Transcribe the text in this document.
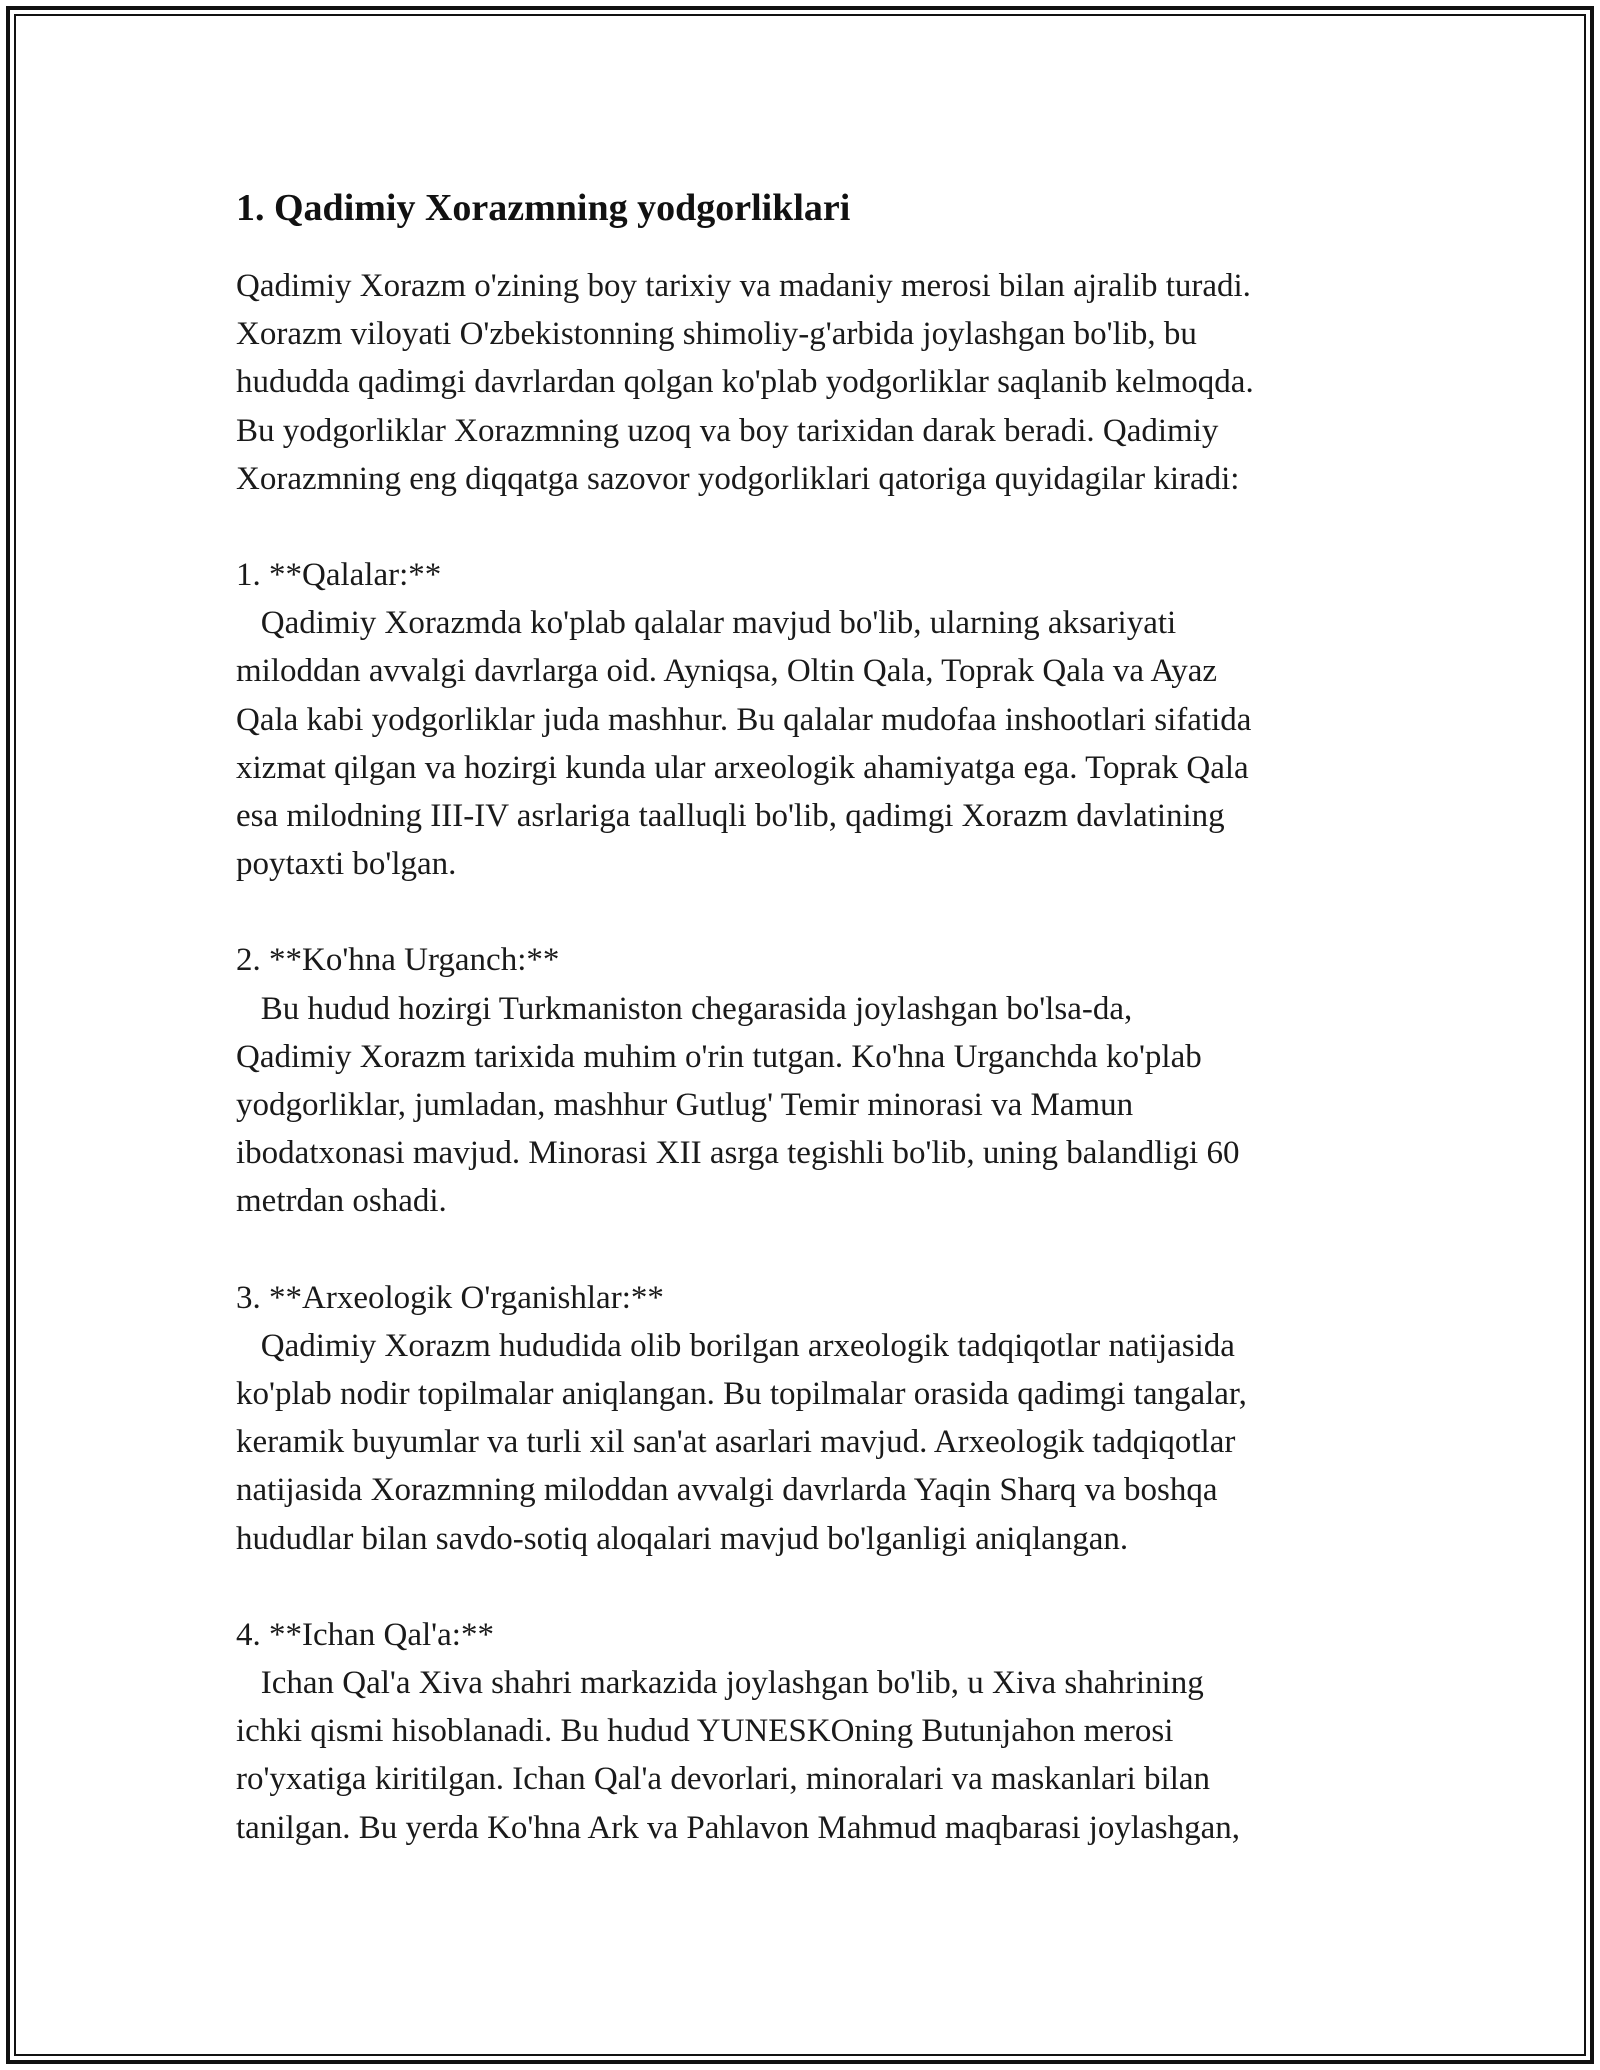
1. Qadimiy Xorazmning yodgorliklari

Qadimiy Xorazm o'zining boy tarixiy va madaniy merosi bilan ajralib turadi.
Xorazm viloyati O'zbekistonning shimoliy-g'arbida joylashgan bo'lib, bu
hududda qadimgi davrlardan qolgan ko'plab yodgorliklar saqlanib kelmoqda.
Bu yodgorliklar Xorazmning uzoq va boy tarixidan darak beradi. Qadimiy
Xorazmning eng diqqatga sazovor yodgorliklari qatoriga quyidagilar kiradi:

1. **Qalalar:**

Qadimiy Xorazmda ko'plab qalalar mavjud bo'lib, ularning aksariyati
miloddan avvalgi davrlarga oid. Ayniqsa, Oltin Qala, Toprak Qala va Ayaz
Qala kabi yodgorliklar juda mashhur. Bu qalalar mudofaa inshootlari sifatida
xizmat qilgan va hozirgi kunda ular arxeologik ahamiyatga ega. Toprak Qala
esa milodning III-IV asrlariga taalluqli bo'lib, qadimgi Xorazm davlatining
poytaxti bo'lgan.

2. **Ko'hna Urganch:**

Bu hudud hozirgi Turkmaniston chegarasida joylashgan bo'lsa-da,
Qadimiy Xorazm tarixida muhim o'rin tutgan. Ko'hna Urganchda ko'plab
yodgorliklar, jumladan, mashhur Gutlug' Temir minorasi va Mamun
ibodatxonasi mavjud. Minorasi XII asrga tegishli bo'lib, uning balandligi 60
metrdan oshadi.

3. **Arxeologik O'rganishlar:**

Qadimiy Xorazm hududida olib borilgan arxeologik tadqiqotlar natijasida
ko'plab nodir topilmalar aniqlangan. Bu topilmalar orasida qadimgi tangalar,
keramik buyumlar va turli xil san'at asarlari mavjud. Arxeologik tadqiqotlar
natijasida Xorazmning miloddan avvalgi davrlarda Yaqin Sharq va boshqa
hududlar bilan savdo-sotiq aloqalari mavjud bo'lganligi aniqlangan.

4. **Ichan Qal'a:**

Ichan Qal'a Xiva shahri markazida joylashgan bo'lib, u Xiva shahrining
ichki qismi hisoblanadi. Bu hudud YUNESKOning Butunjahon merosi
ro'yxatiga kiritilgan. Ichan Qal'a devorlari, minoralari va maskanlari bilan
tanilgan. Bu yerda Ko'hna Ark va Pahlavon Mahmud maqbarasi joylashgan,
